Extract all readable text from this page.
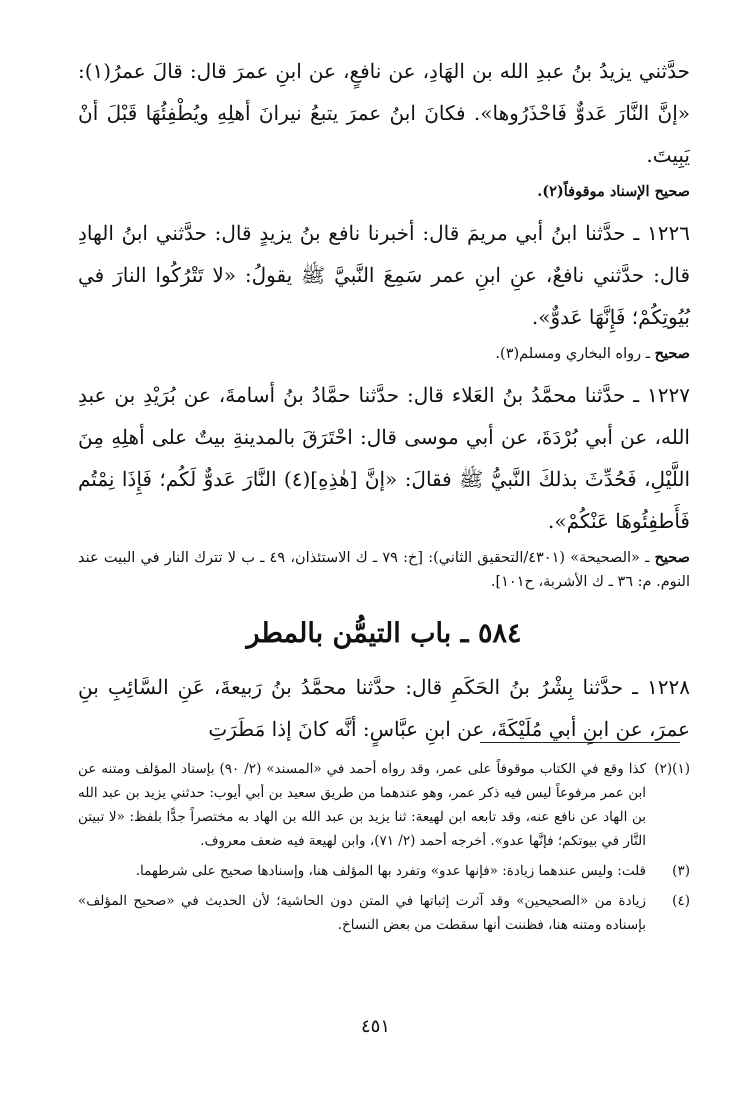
حدَّثني يزيدُ بنُ عبدِ الله بن الهَادِ، عن نافعٍ، عن ابنِ عمرَ قال: قالَ عمرُ(١): «إنَّ النَّارَ عَدوٌّ فَاحْذَرُوها». فكانَ ابنُ عمرَ يتبعُ نيرانَ أهلِهِ ويُطْفِئُهَا قَبْلَ أنْ يَبِيتَ.

صحيح الإسناد موقوفاً(٢).

١٢٢٦ ـ حدَّثنا ابنُ أبي مريمَ قال: أخبرنا نافع بنُ يزيدٍ قال: حدَّثني ابنُ الهادِ قال: حدَّثني نافعٌ، عنِ ابنِ عمر سَمِعَ النَّبيَّ ﷺ يقولُ: «لا تَتْرُكُوا النارَ في بُيُوتِكُمْ؛ فَإِنَّهَا عَدوٌّ».

صحيح ـ رواه البخاري ومسلم(٣).

١٢٢٧ ـ حدَّثنا محمَّدُ بنُ العَلاء قال: حدَّثنا حمَّادُ بنُ أسامةَ، عن بُرَيْدِ بن عبدِ الله، عن أبي بُرْدَةَ، عن أبي موسى قال: احْتَرَقَ بالمدينةِ بيتٌ على أهلِهِ مِنَ اللَّيْلِ، فَحُدِّثَ بذلكَ النَّبيُّ ﷺ فقالَ: «إنَّ [هٰذِهِ](٤) النَّارَ عَدوٌّ لَكُم؛ فَإِذَا نِمْتُم فَأَطفِئُوهَا عَنْكُمْ».

صحيح ـ «الصحيحة» (٤٣٠١/التحقيق الثاني): [خ: ٧٩ ـ ك الاستئذان، ٤٩ ـ ب لا تترك النار في البيت عند النوم. م: ٣٦ ـ ك الأشربة، ح١٠١].

٥٨٤ ـ باب التيمُّن بالمطر

١٢٢٨ ـ حدَّثنا بِشْرُ بنُ الحَكَمِ قال: حدَّثنا محمَّدُ بنُ رَبيعةَ، عَنِ السَّائِبِ بنِ عمرَ، عن ابنِ أبي مُلَيْكَةَ، عن ابنِ عبَّاسٍ: أنَّه كانَ إذا مَطَرَتِ

(١)(٢)
كذا وقع في الكتاب موقوفاً على عمر، وقد رواه أحمد في «المسند» (٢/ ٩٠) بإسناد المؤلف ومتنه عن ابن عمر مرفوعاً ليس فيه ذكر عمر، وهو عندهما من طريق سعيد بن أبي أيوب: حدثني يزيد بن عبد الله بن الهاد عن نافع عنه، وقد تابعه ابن لهيعة: ثنا يزيد بن عبد الله بن الهاد به مختصراً جدًّا بلفظ: «لا تبيتن النَّار في بيوتكم؛ فإنَّها عدو». أخرجه أحمد (٢/ ٧١)، وابن لهيعة فيه ضعف معروف.
(٣)
قلت: وليس عندهما زيادة: «فإنها عدو» وتفرد بها المؤلف هنا، وإسنادها صحيح على شرطهما.
(٤)
زيادة من «الصحيحين» وقد آثرت إثباتها في المتن دون الحاشية؛ لأن الحديث في «صحيح المؤلف» بإسناده ومتنه هنا، فظننت أنها سقطت من بعض النساخ.
٤٥١
